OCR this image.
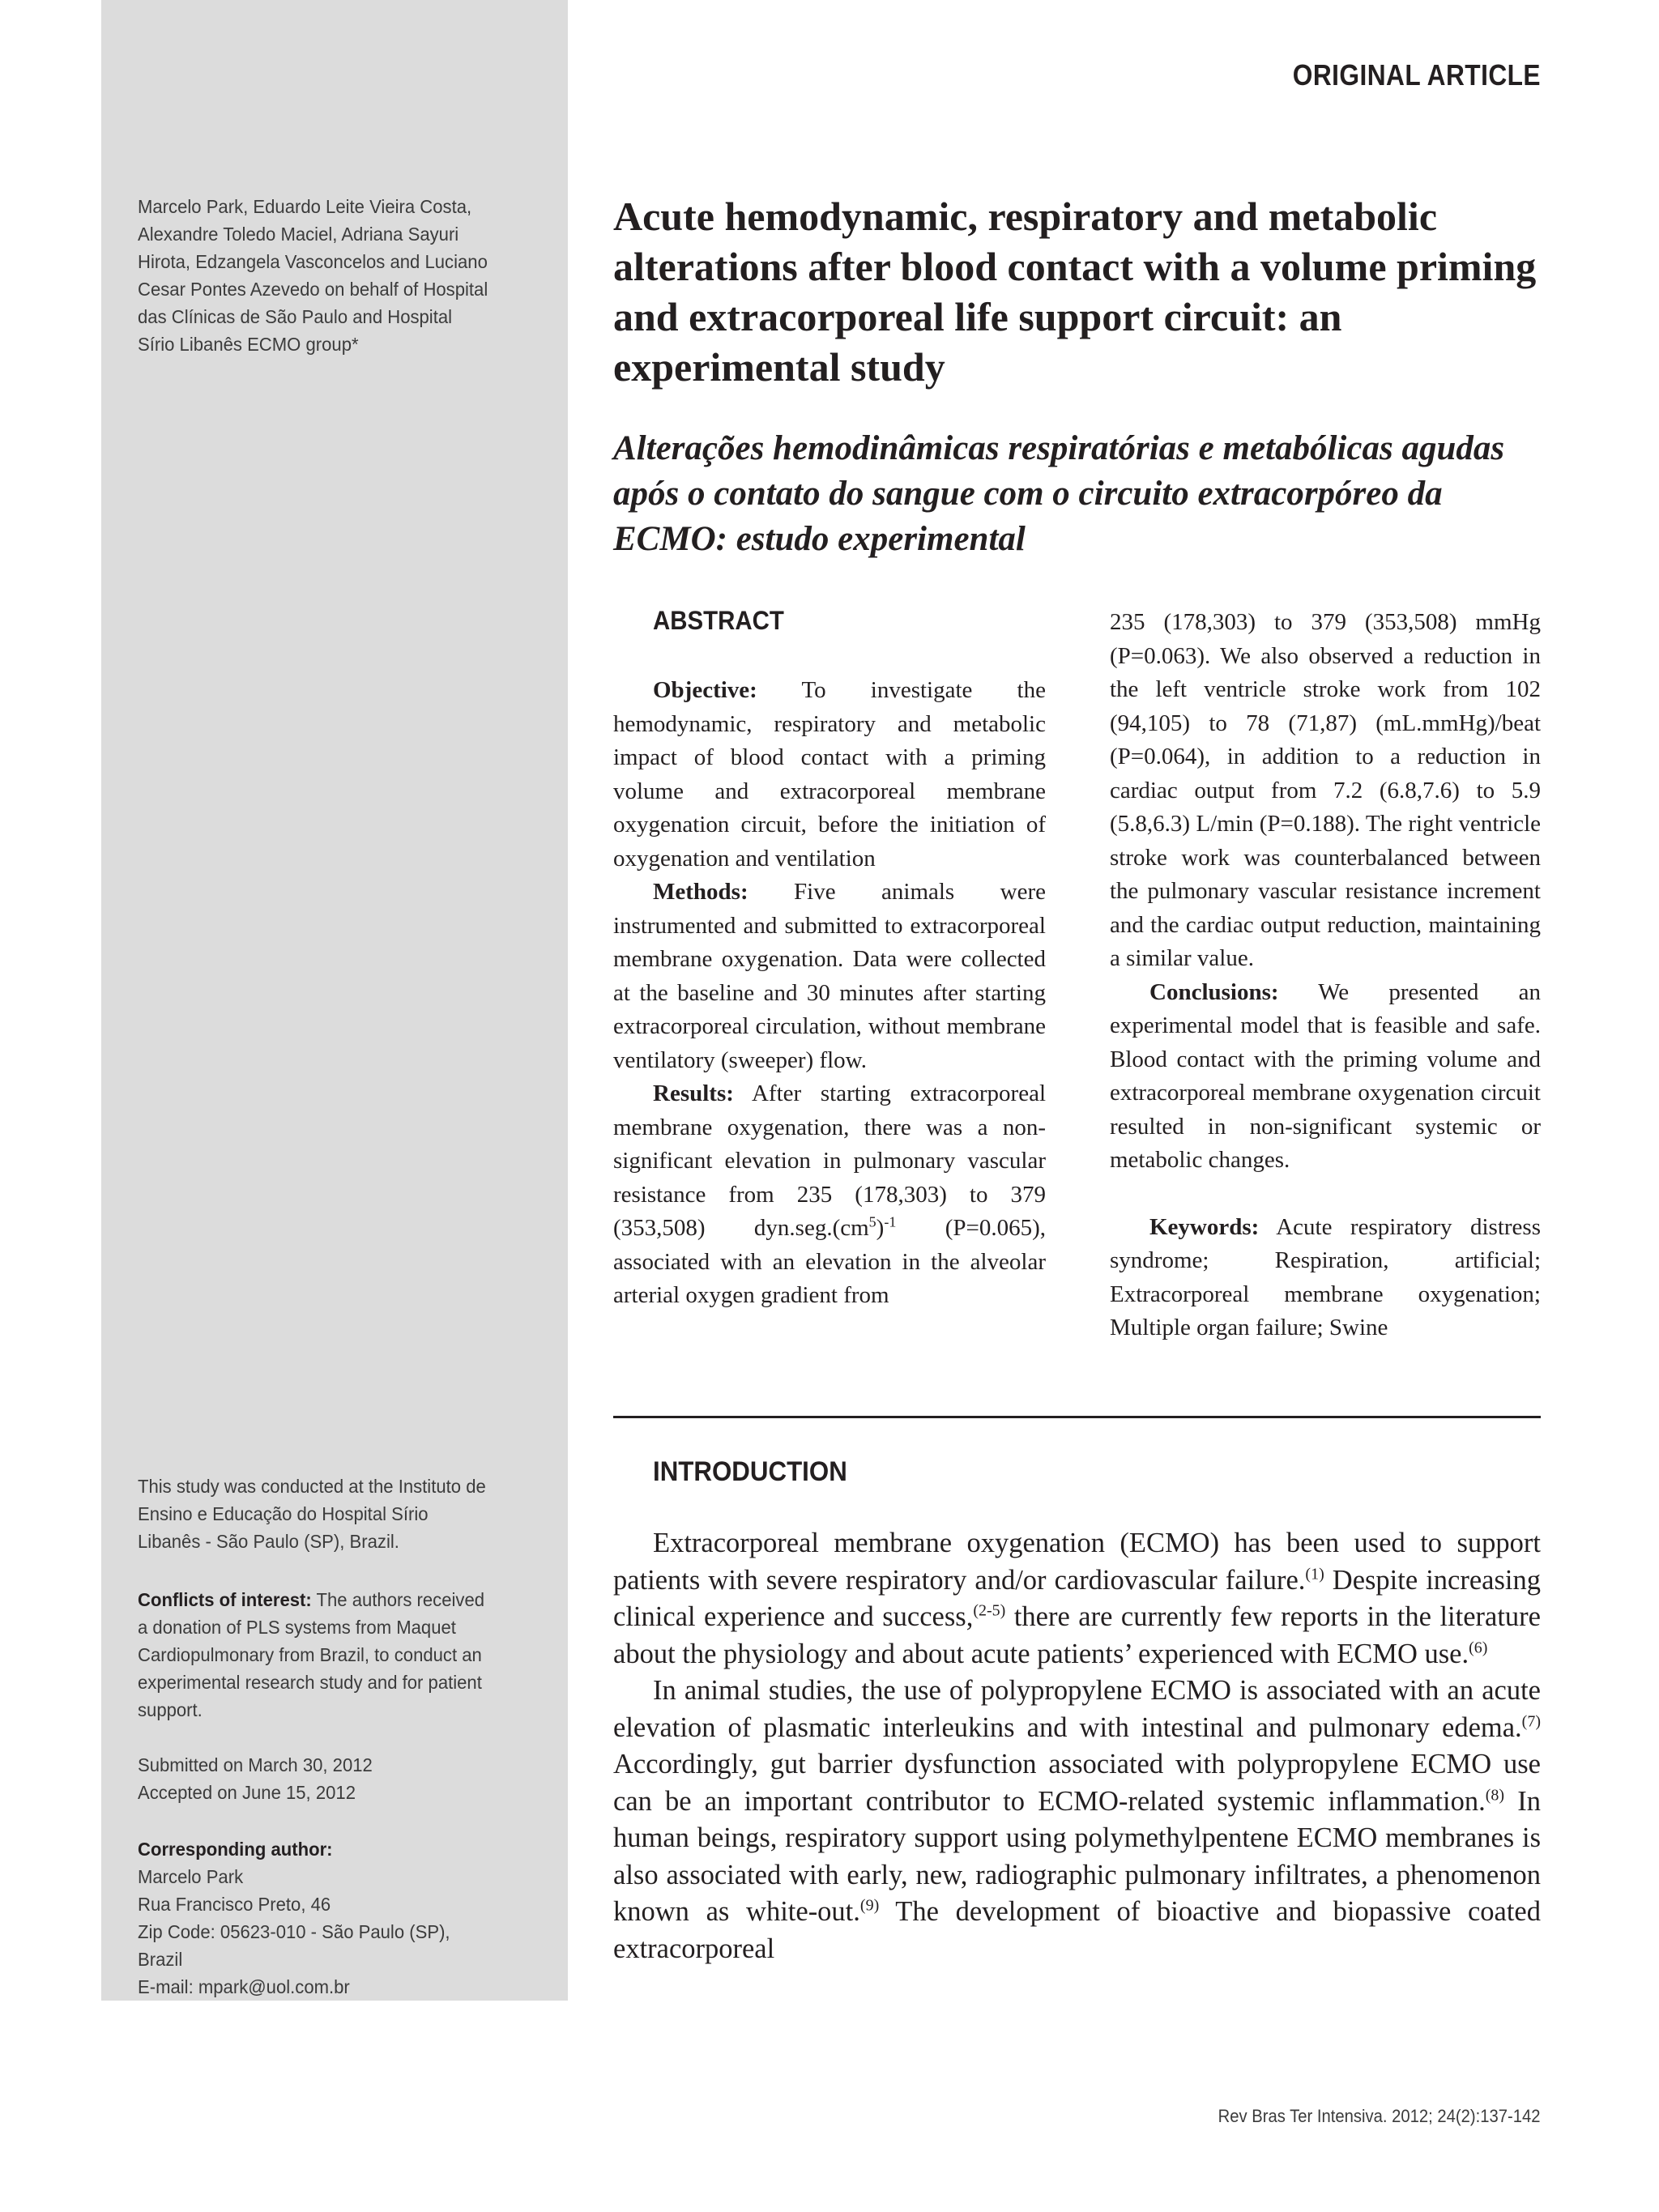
ORIGINAL ARTICLE
Marcelo Park, Eduardo Leite Vieira Costa, Alexandre Toledo Maciel, Adriana Sayuri Hirota, Edzangela Vasconcelos and Luciano Cesar Pontes Azevedo on behalf of Hospital das Clínicas de São Paulo and Hospital Sírio Libanês ECMO group*
Acute hemodynamic, respiratory and metabolic alterations after blood contact with a volume priming and extracorporeal life support circuit: an experimental study
Alterações hemodinâmicas respiratórias e metabólicas agudas após o contato do sangue com o circuito extracorpóreo da ECMO: estudo experimental
ABSTRACT

Objective: To investigate the hemodynamic, respiratory and metabolic impact of blood contact with a priming volume and extracorporeal membrane oxygenation circuit, before the initiation of oxygenation and ventilation

Methods: Five animals were instrumented and submitted to extracorporeal membrane oxygenation. Data were collected at the baseline and 30 minutes after starting extracorporeal circulation, without membrane ventilatory (sweeper) flow.

Results: After starting extracorporeal membrane oxygenation, there was a non-significant elevation in pulmonary vascular resistance from 235 (178,303) to 379 (353,508) $dyn.seg.(cm^5)^{-1}$ (P=0.065), associated with an elevation in the alveolar arterial oxygen gradient from

235 (178,303) to 379 (353,508) mmHg (P=0.063). We also observed a reduction in the left ventricle stroke work from 102 (94,105) to 78 (71,87) (mL.mmHg)/beat (P=0.064), in addition to a reduction in cardiac output from 7.2 (6.8,7.6) to 5.9 (5.8,6.3) L/min (P=0.188). The right ventricle stroke work was counterbalanced between the pulmonary vascular resistance increment and the cardiac output reduction, maintaining a similar value.

Conclusions: We presented an experimental model that is feasible and safe. Blood contact with the priming volume and extracorporeal membrane oxygenation circuit resulted in non-significant systemic or metabolic changes.

Keywords: Acute respiratory distress syndrome; Respiration, artificial; Extracorporeal membrane oxygenation; Multiple organ failure; Swine

INTRODUCTION

Extracorporeal membrane oxygenation (ECMO) has been used to support patients with severe respiratory and/or cardiovascular failure.$^{(1)}$ Despite increasing clinical experience and success,$^{(2-5)}$ there are currently few reports in the literature about the physiology and about acute patients’ experienced with ECMO use.$^{(6)}$

In animal studies, the use of polypropylene ECMO is associated with an acute elevation of plasmatic interleukins and with intestinal and pulmonary edema.$^{(7)}$ Accordingly, gut barrier dysfunction associated with polypropylene ECMO use can be an important contributor to ECMO-related systemic inflammation.$^{(8)}$ In human beings, respiratory support using polymethylpentene ECMO membranes is also associated with early, new, radiographic pulmonary infiltrates, a phenomenon known as white-out.$^{(9)}$ The development of bioactive and biopassive coated extracorporeal

This study was conducted at the Instituto de Ensino e Educação do Hospital Sírio Libanês - São Paulo (SP), Brazil.

Conflicts of interest: The authors received a donation of PLS systems from Maquet Cardiopulmonary from Brazil, to conduct an experimental research study and for patient support.

Submitted on March 30, 2012

Accepted on June 15, 2012

Corresponding author:

Marcelo Park

Rua Francisco Preto, 46

Zip Code: 05623-010 - São Paulo (SP), Brazil

E-mail: mpark@uol.com.br

Rev Bras Ter Intensiva. 2012; 24(2):137-142
